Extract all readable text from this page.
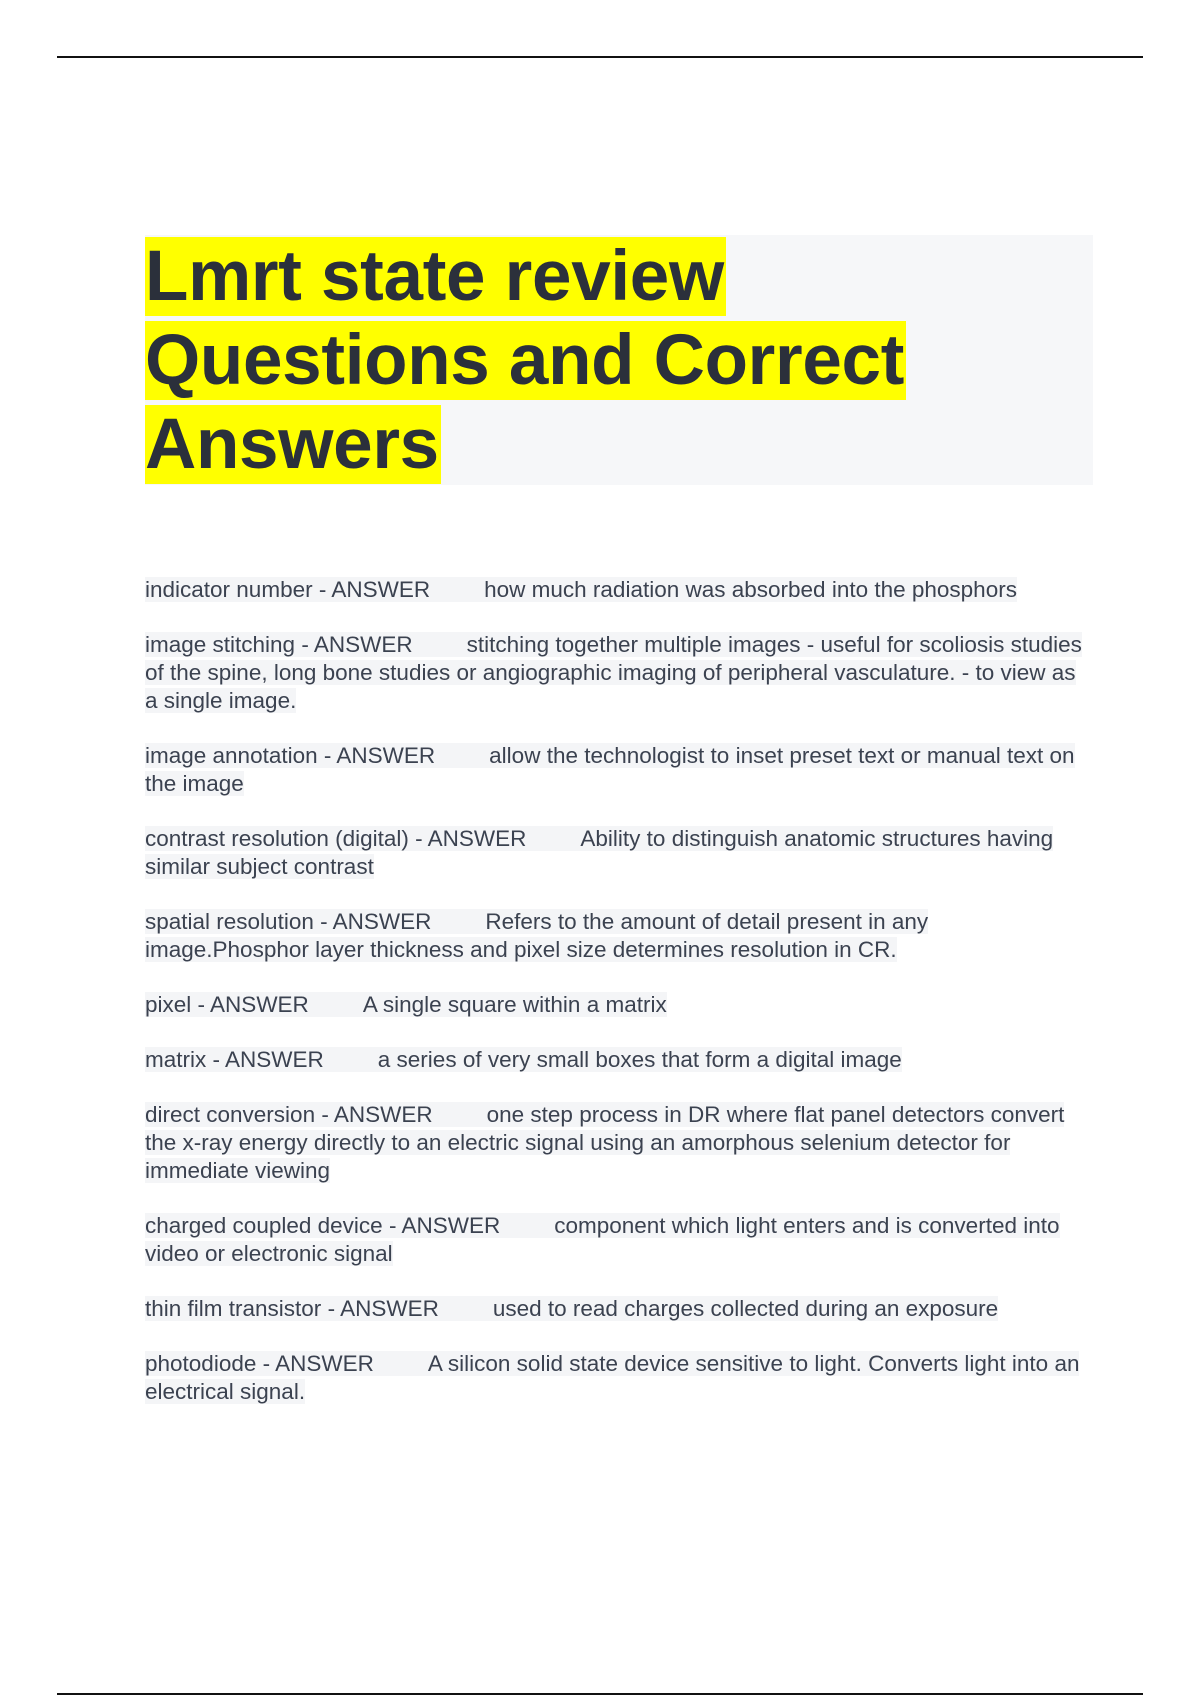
Lmrt state review
Questions and Correct
Answers
indicator number - ANSWER how much radiation was absorbed into the phosphors
image stitching - ANSWER stitching together multiple images - useful for scoliosis studies of the spine, long bone studies or angiographic imaging of peripheral vasculature. - to view as a single image.
image annotation - ANSWER allow the technologist to inset preset text or manual text on the image
contrast resolution (digital) - ANSWER Ability to distinguish anatomic structures having similar subject contrast
spatial resolution - ANSWER Refers to the amount of detail present in any image.Phosphor layer thickness and pixel size determines resolution in CR.
pixel - ANSWER A single square within a matrix
matrix - ANSWER a series of very small boxes that form a digital image
direct conversion - ANSWER one step process in DR where flat panel detectors convert the x-ray energy directly to an electric signal using an amorphous selenium detector for immediate viewing
charged coupled device - ANSWER component which light enters and is converted into video or electronic signal
thin film transistor - ANSWER used to read charges collected during an exposure
photodiode - ANSWER A silicon solid state device sensitive to light. Converts light into an electrical signal.
